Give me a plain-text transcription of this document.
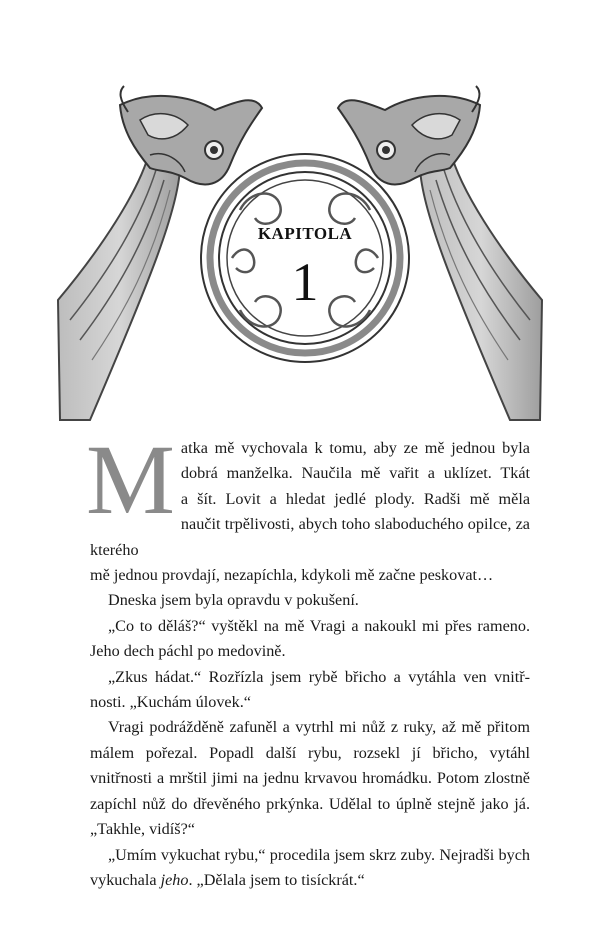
KAPITOLA
1

M atka mě vychovala k tomu, aby ze mě jednou byla
dobrá manželka. Naučila mě vařit a uklízet. Tkát
a šít. Lovit a hledat jedlé plody. Radši mě měla
naučit trpělivosti, abych toho slaboduchého opilce, za kterého
mě jednou provdají, nezapíchla, kdykoli mě začne peskovat…

Dneska jsem byla opravdu v pokušení.

„Co to děláš?“ vyštěkl na mě Vragi a nakoukl mi přes rameno. Jeho dech páchl po medovině.

„Zkus hádat.“ Rozřízla jsem rybě břicho a vytáhla ven vnitřnosti. „Kuchám úlovek.“

Vragi podrážděně zafuněl a vytrhl mi nůž z ruky, až mě přitom málem pořezal. Popadl další rybu, rozsekl jí břicho, vytáhl vnitřnosti a mrštil jimi na jednu krvavou hromádku. Potom zlostně zapíchl nůž do dřevěného prkýnka. Udělal to úplně stejně jako já. „Takhle, vidíš?“

„Umím vykuchat rybu,“ procedila jsem skrz zuby. Nejradši bych vykuchala jeho. „Dělala jsem to tisíckrát.“
